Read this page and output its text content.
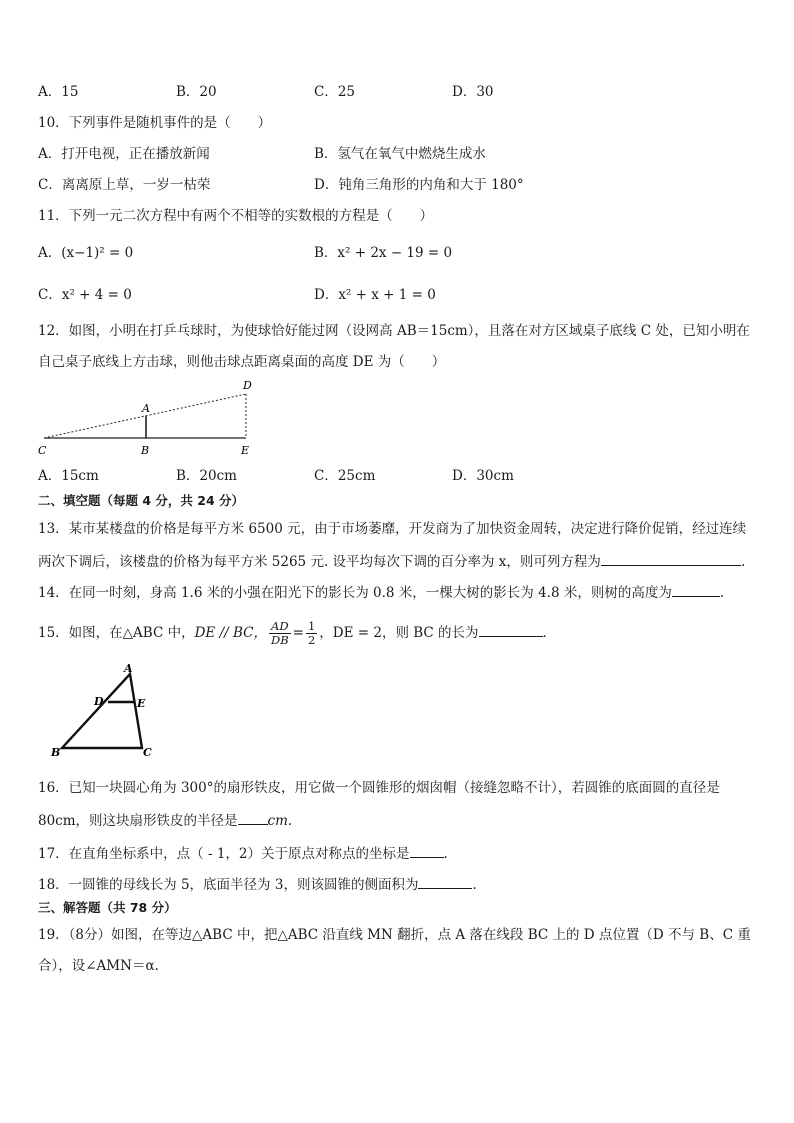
A．15	B．20	C．25	D．30
10．下列事件是随机事件的是（　　）
A．打开电视，正在播放新闻	B．氢气在氧气中燃烧生成水
C．离离原上草，一岁一枯荣	D．钝角三角形的内角和大于 180°
11．下列一元二次方程中有两个不相等的实数根的方程是（　　）
A．(x−1)² = 0	B．x² + 2x − 19 = 0
C．x² + 4 = 0	D．x² + x + 1 = 0
12．如图，小明在打乒乓球时，为使球恰好能过网（设网高 AB＝15cm），且落在对方区域桌子底线 C 处，已知小明在
自己桌子底线上方击球，则他击球点距离桌面的高度 DE 为（　　）
D
A
C	B	E
A．15cm	B．20cm	C．25cm	D．30cm
二、填空题（每题 4 分，共 24 分）
13．某市某楼盘的价格是每平方米 6500 元，由于市场萎靡，开发商为了加快资金周转，决定进行降价促销，经过连续
两次下调后，该楼盘的价格为每平方米 5265 元. 设平均每次下调的百分率为 x，则可列方程为	.
14．在同一时刻，身高 1.6 米的小强在阳光下的影长为 0.8 米，一棵大树的影长为 4.8 米，则树的高度为	.
15．如图，在△ABC 中，DE // BC， $\frac{AD}{DB} = \frac{1}{2}$ ，DE = 2，则 BC 的长为	．
A
D	E
B	C
16．已知一块圆心角为 300°的扇形铁皮，用它做一个圆锥形的烟囱帽（接缝忽略不计），若圆锥的底面圆的直径是
80cm，则这块扇形铁皮的半径是 cm.
17．在直角坐标系中，点（ - 1，2）关于原点对称点的坐标是	.
18．一圆锥的母线长为 5，底面半径为 3，则该圆锥的侧面积为	.
三、解答题（共 78 分）
19．（8分）如图，在等边△ABC 中，把△ABC 沿直线 MN 翻折，点 A 落在线段 BC 上的 D 点位置（D 不与 B、C 重
合），设∠AMN＝α.
